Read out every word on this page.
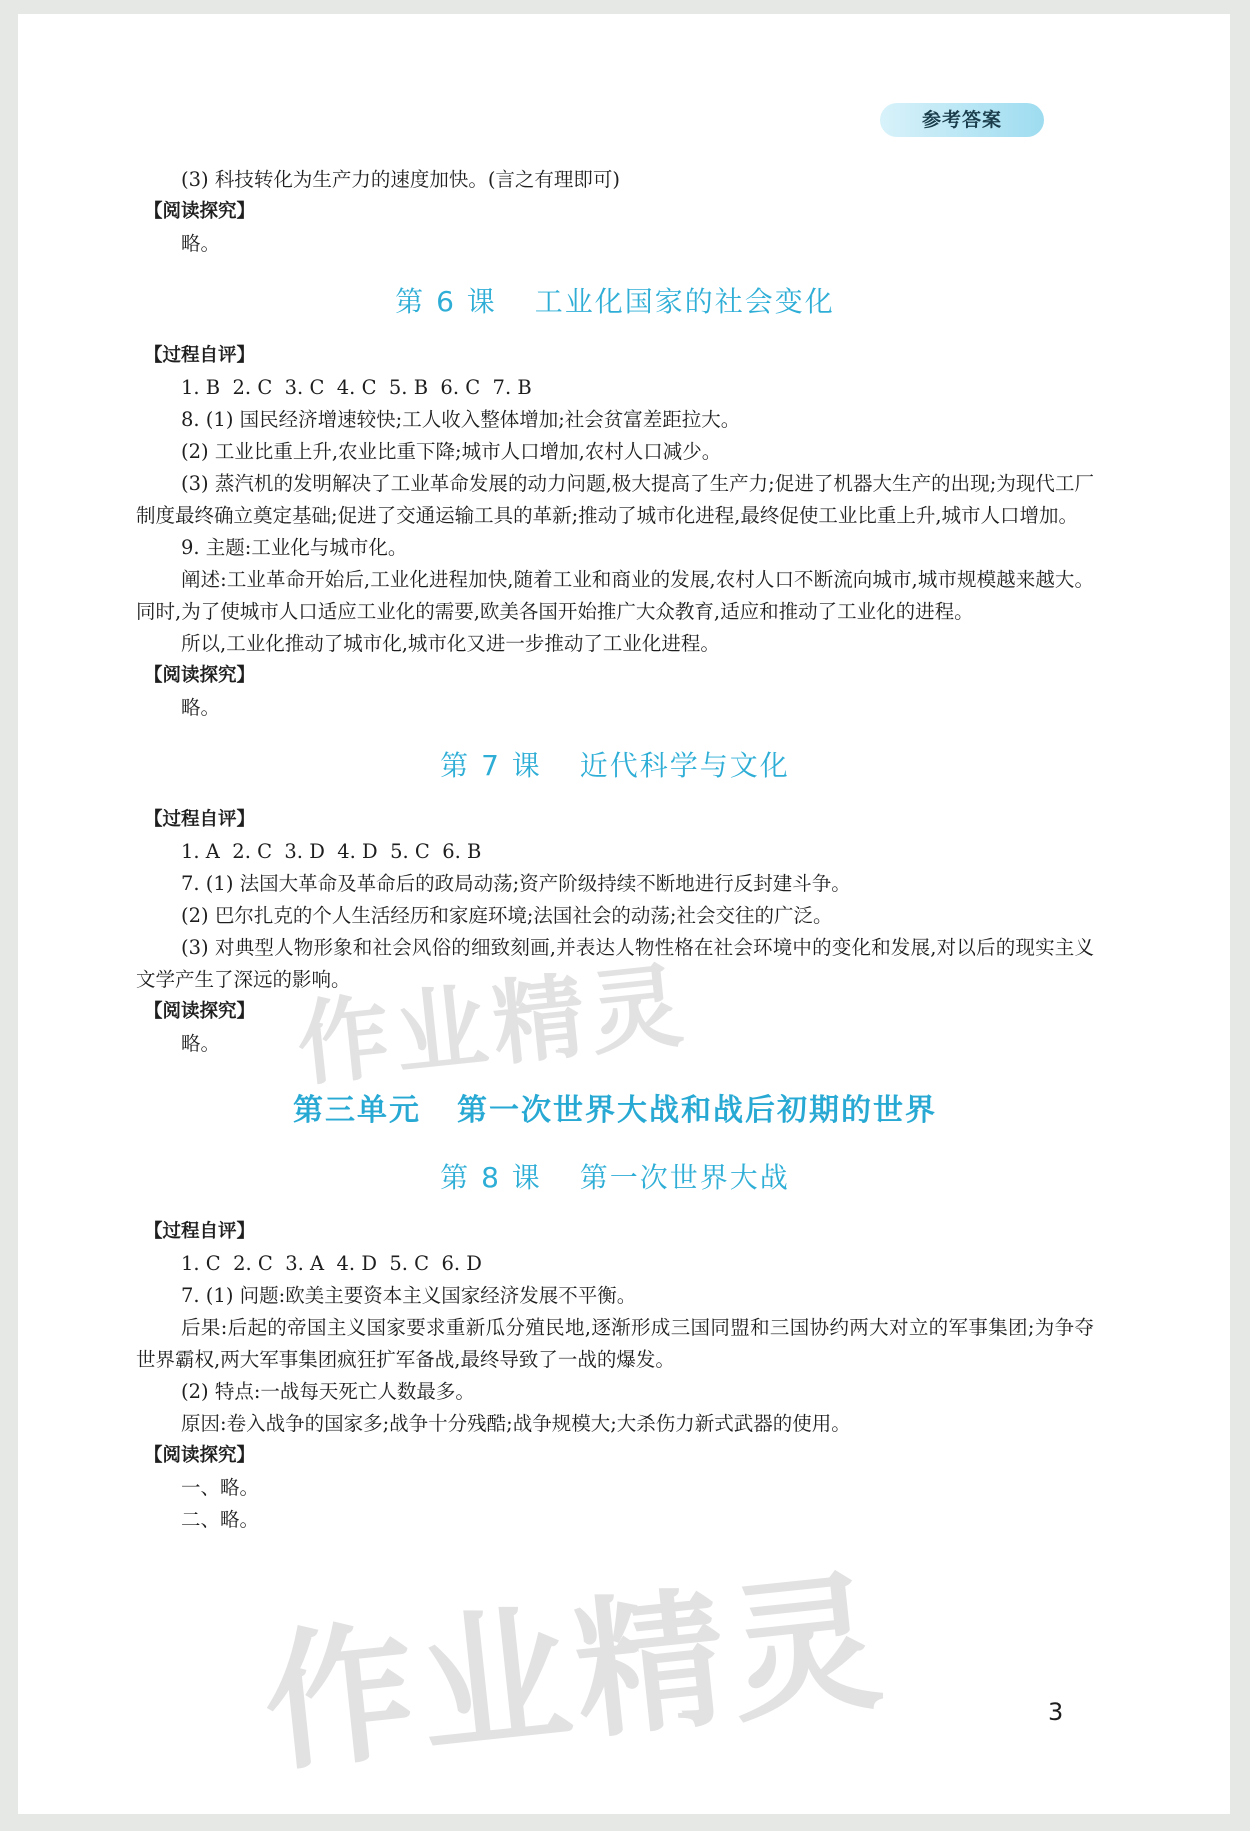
参考答案
(3) 科技转化为生产力的速度加快。(言之有理即可)
【阅读探究】
略。
第 6 课 工业化国家的社会变化
【过程自评】
1. B  2. C  3. C  4. C  5. B  6. C  7. B
8. (1) 国民经济增速较快;工人收入整体增加;社会贫富差距拉大。
(2) 工业比重上升,农业比重下降;城市人口增加,农村人口减少。
(3) 蒸汽机的发明解决了工业革命发展的动力问题,极大提高了生产力;促进了机器大生产的出现;为现代工厂制度最终确立奠定基础;促进了交通运输工具的革新;推动了城市化进程,最终促使工业比重上升,城市人口增加。
9. 主题:工业化与城市化。
阐述:工业革命开始后,工业化进程加快,随着工业和商业的发展,农村人口不断流向城市,城市规模越来越大。同时,为了使城市人口适应工业化的需要,欧美各国开始推广大众教育,适应和推动了工业化的进程。
所以,工业化推动了城市化,城市化又进一步推动了工业化进程。
【阅读探究】
略。
第 7 课 近代科学与文化
【过程自评】
1. A  2. C  3. D  4. D  5. C  6. B
7. (1) 法国大革命及革命后的政局动荡;资产阶级持续不断地进行反封建斗争。
(2) 巴尔扎克的个人生活经历和家庭环境;法国社会的动荡;社会交往的广泛。
(3) 对典型人物形象和社会风俗的细致刻画,并表达人物性格在社会环境中的变化和发展,对以后的现实主义文学产生了深远的影响。
【阅读探究】
略。
第三单元 第一次世界大战和战后初期的世界
第 8 课 第一次世界大战
【过程自评】
1. C  2. C  3. A  4. D  5. C  6. D
7. (1) 问题:欧美主要资本主义国家经济发展不平衡。
后果:后起的帝国主义国家要求重新瓜分殖民地,逐渐形成三国同盟和三国协约两大对立的军事集团;为争夺世界霸权,两大军事集团疯狂扩军备战,最终导致了一战的爆发。
(2) 特点:一战每天死亡人数最多。
原因:卷入战争的国家多;战争十分残酷;战争规模大;大杀伤力新式武器的使用。
【阅读探究】
一、略。
二、略。
作业精灵
作业精灵	3
